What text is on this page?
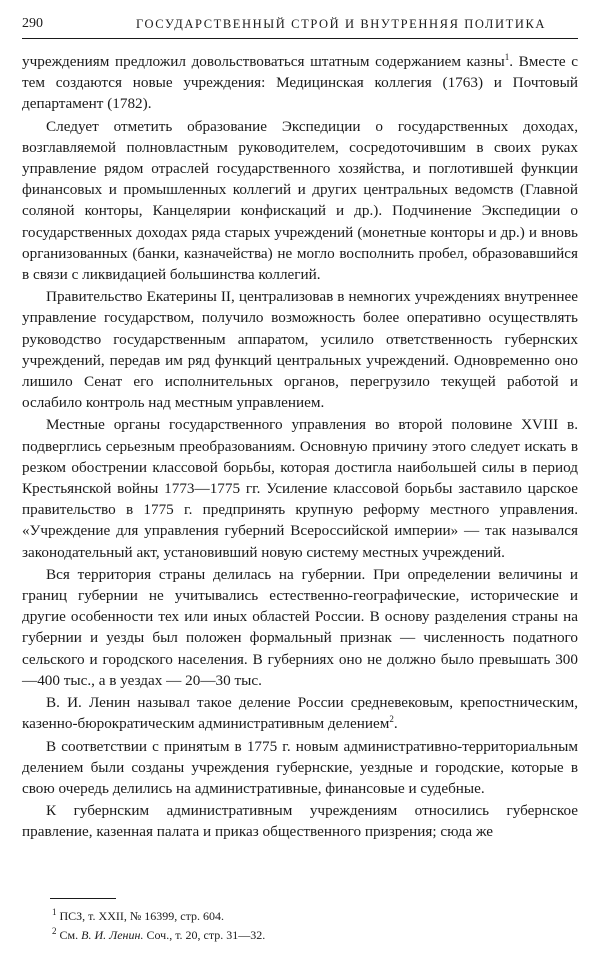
290	ГОСУДАРСТВЕННЫЙ СТРОЙ И ВНУТРЕННЯЯ ПОЛИТИКА

учреждениям предложил довольствоваться штатным содержанием казны$^1$. Вместе с тем создаются новые учреждения: Медицинская коллегия (1763) и Почтовый департамент (1782).

Следует отметить образование Экспедиции о государственных доходах, возглавляемой полновластным руководителем, сосредоточившим в своих руках управление рядом отраслей государственного хозяйства, и поглотившей функции финансовых и промышленных коллегий и других центральных ведомств (Главной соляной конторы, Канцелярии конфискаций и др.). Подчинение Экспедиции о государственных доходах ряда старых учреждений (монетные конторы и др.) и вновь организованных (банки, казначейства) не могло восполнить пробел, образовавшийся в связи с ликвидацией большинства коллегий.

Правительство Екатерины II, централизовав в немногих учреждениях внутреннее управление государством, получило возможность более оперативно осуществлять руководство государственным аппаратом, усилило ответственность губернских учреждений, передав им ряд функций центральных учреждений. Одновременно оно лишило Сенат его исполнительных органов, перегрузило текущей работой и ослабило контроль над местным управлением.

Местные органы государственного управления во второй половине XVIII в. подверглись серьезным преобразованиям. Основную причину этого следует искать в резком обострении классовой борьбы, которая достигла наибольшей силы в период Крестьянской войны 1773—1775 гг. Усиление классовой борьбы заставило царское правительство в 1775 г. предпринять крупную реформу местного управления. «Учреждение для управления губерний Всероссийской империи» — так назывался законодательный акт, установивший новую систему местных учреждений.

Вся территория страны делилась на губернии. При определении величины и границ губернии не учитывались естественно-географические, исторические и другие особенности тех или иных областей России. В основу разделения страны на губернии и уезды был положен формальный признак — численность податного сельского и городского населения. В губерниях оно не должно было превышать 300—400 тыс., а в уездах — 20—30 тыс.

В. И. Ленин называл такое деление России средневековым, крепостническим, казенно-бюрократическим административным делением$^2$.

В соответствии с принятым в 1775 г. новым административно-территориальным делением были созданы учреждения губернские, уездные и городские, которые в свою очередь делились на административные, финансовые и судебные.

К губернским административным учреждениям относились губернское правление, казенная палата и приказ общественного призрения; сюда же

$^1$ ПСЗ, т. XXII, № 16399, стр. 604.
$^2$ См. В. И. Ленин. Соч., т. 20, стр. 31—32.
